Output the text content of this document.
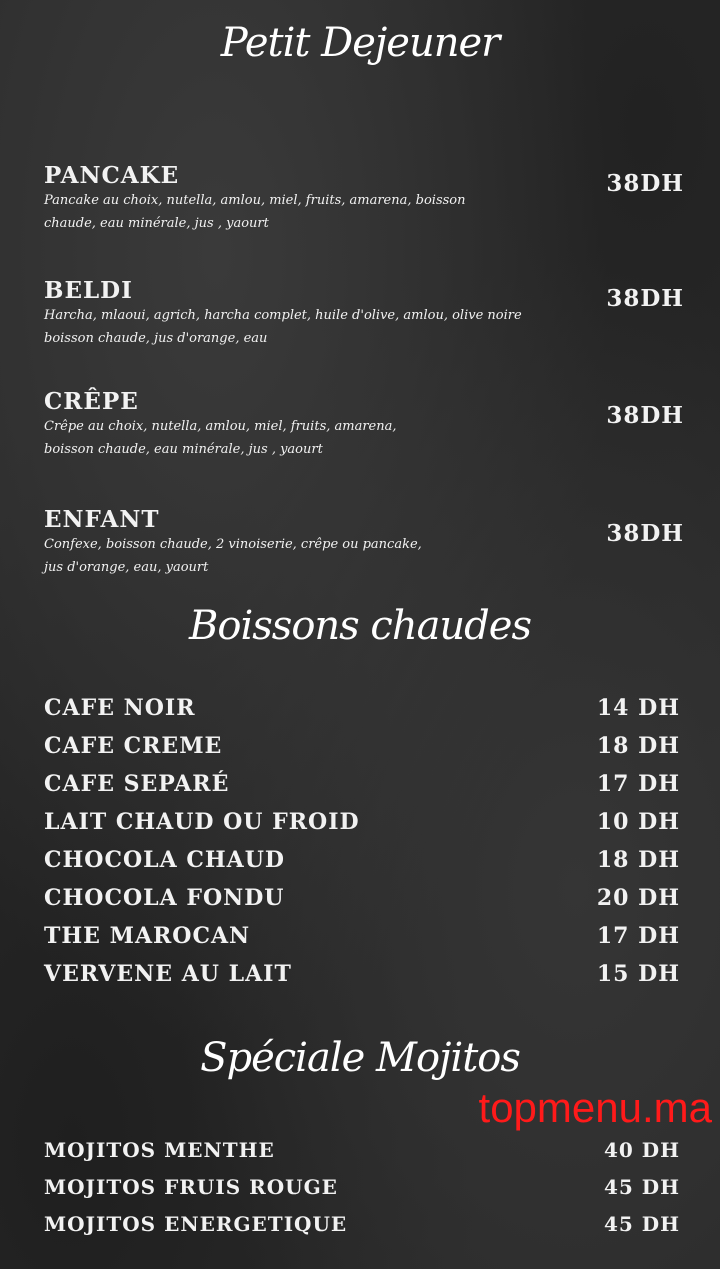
Petit Dejeuner
PANCAKE
Pancake au choix, nutella, amlou, miel, fruits, amarena, boisson
chaude, eau minérale, jus , yaourt
38DH
BELDI
Harcha, mlaoui, agrich, harcha complet, huile d'olive, amlou, olive noire
boisson chaude, jus d'orange, eau
38DH
CRÊPE
Crêpe au choix, nutella, amlou, miel, fruits, amarena,
boisson chaude, eau minérale, jus , yaourt
38DH
ENFANT
Confexe, boisson chaude, 2 vinoiserie, crêpe ou pancake,
jus d'orange, eau, yaourt
38DH
Boissons chaudes
CAFE NOIR	14 DH
CAFE CREME	18 DH
CAFE SEPARÉ	17 DH
LAIT CHAUD OU FROID	10 DH
CHOCOLA CHAUD	18 DH
CHOCOLA FONDU	20 DH
THE MAROCAN	17 DH
VERVENE AU LAIT	15 DH
Spéciale Mojitos
topmenu.ma
MOJITOS MENTHE	40 DH
MOJITOS FRUIS ROUGE	45 DH
MOJITOS ENERGETIQUE	45 DH
